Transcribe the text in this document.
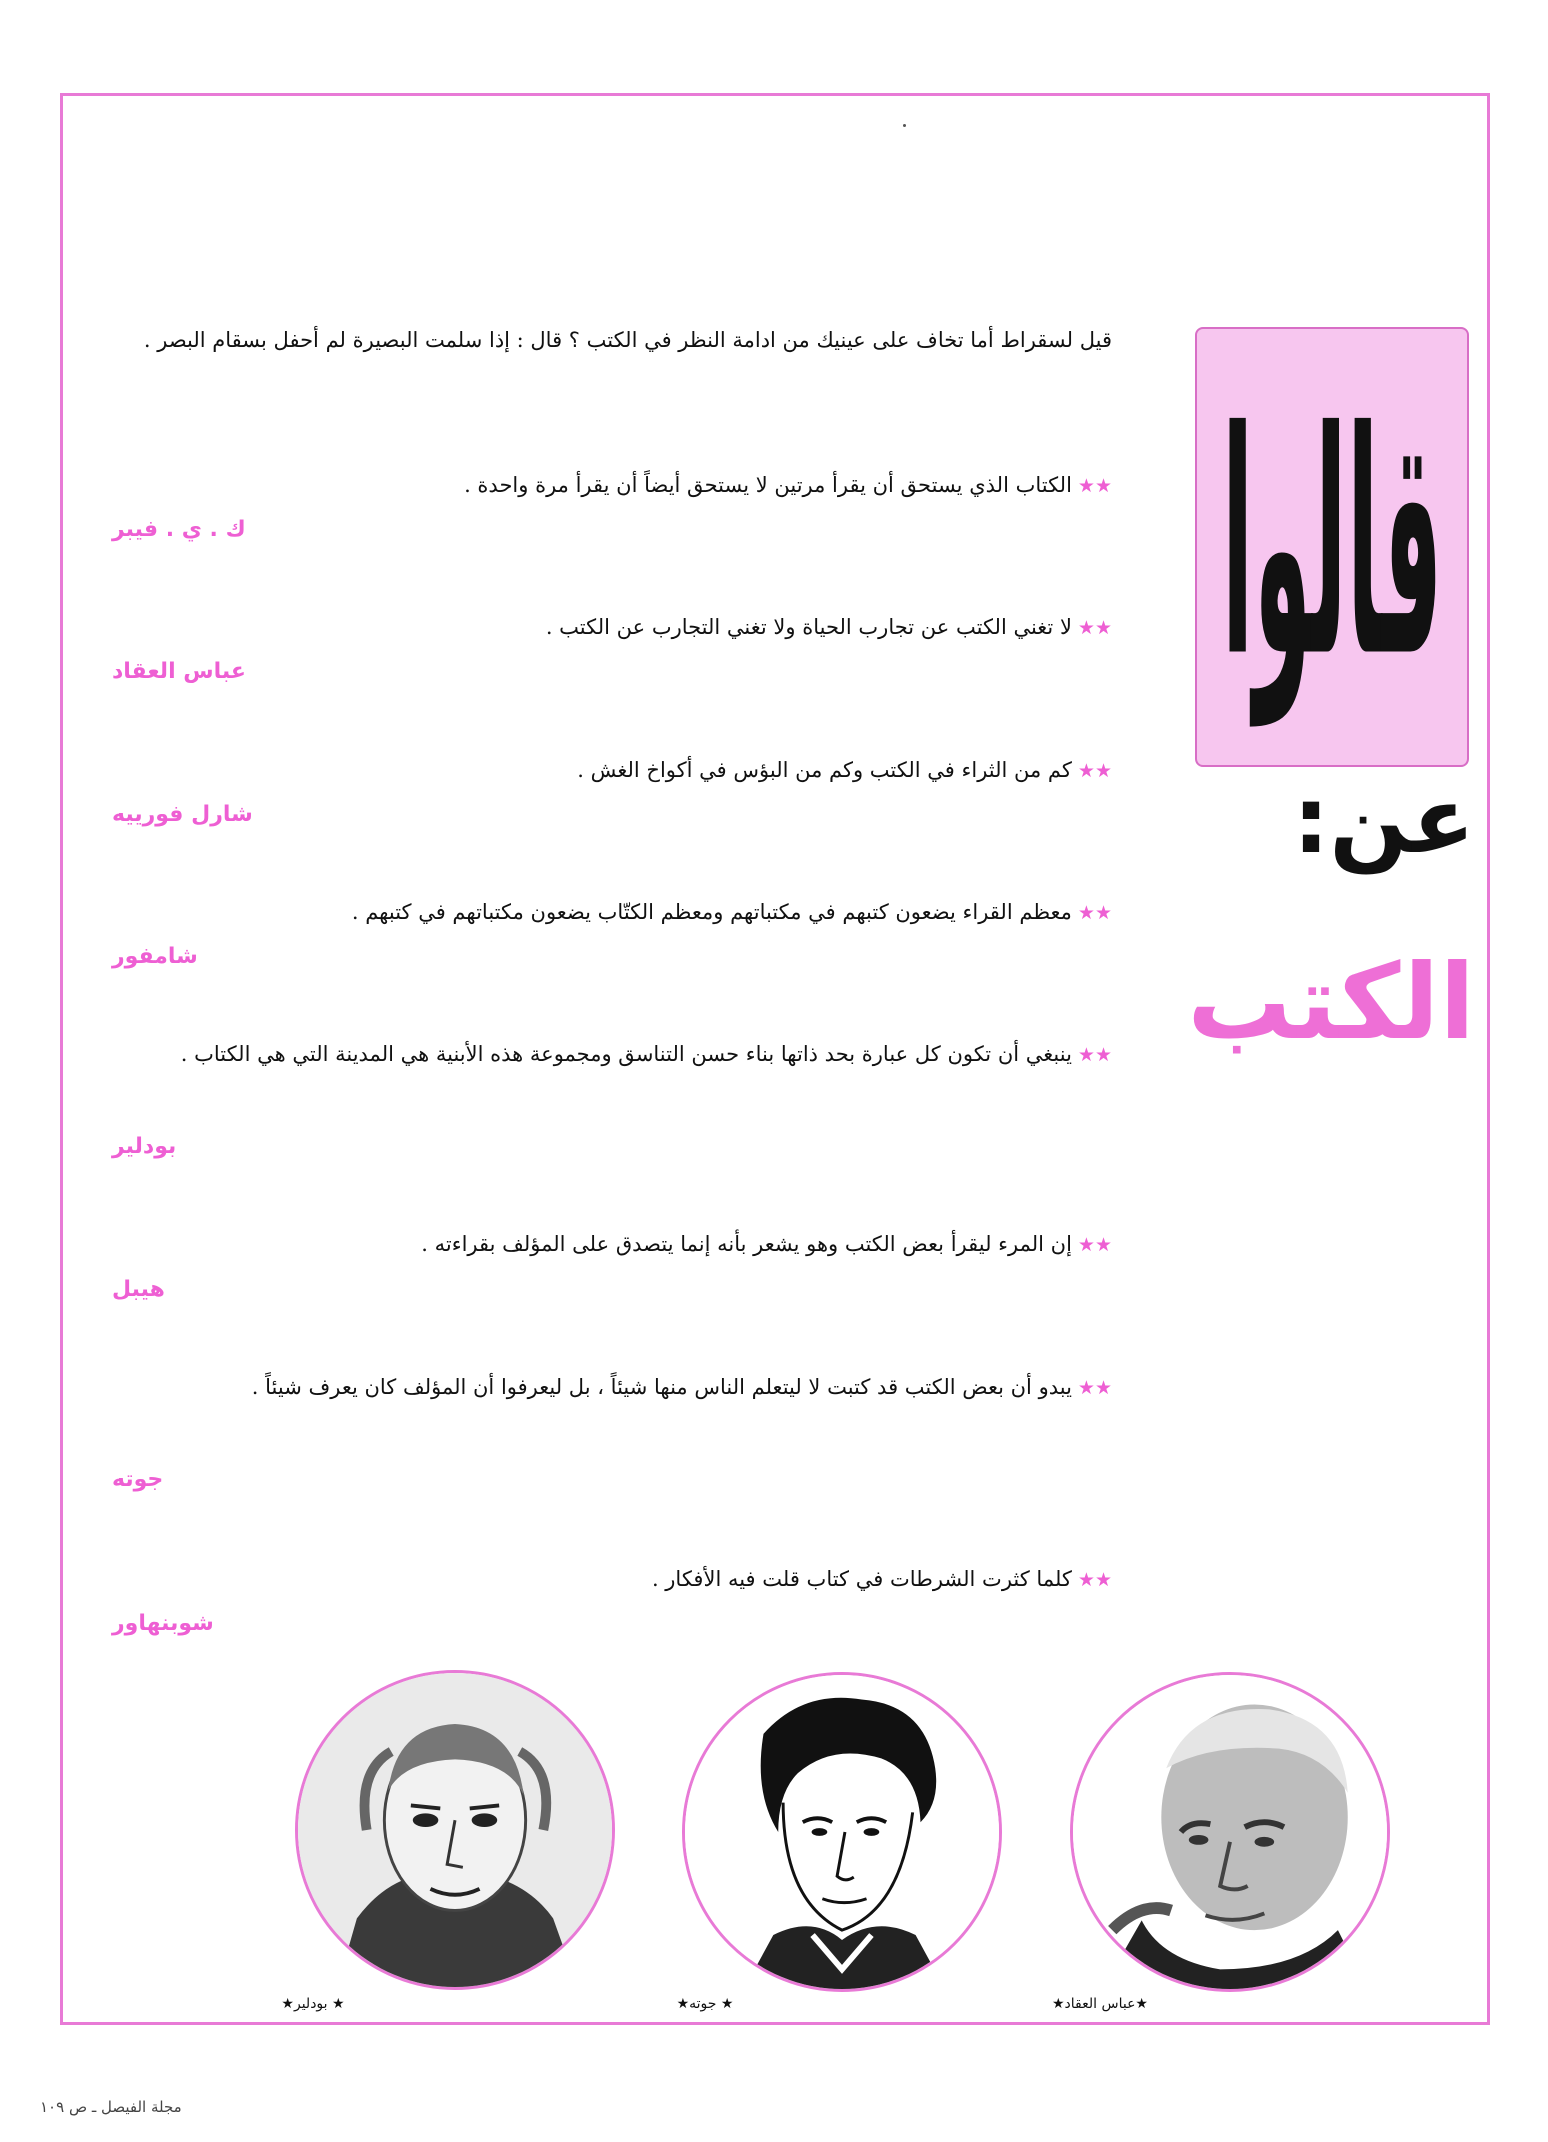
قالوا
عن:
الكتب
قيل لسقراط أما تخاف على عينيك من ادامة النظر في الكتب ؟ قال : إذا سلمت البصيرة لم أحفل بسقام البصر .
★★الكتاب الذي يستحق أن يقرأ مرتين لا يستحق أيضاً أن يقرأ مرة واحدة .
ك . ي . فيبر
★★لا تغني الكتب عن تجارب الحياة ولا تغني التجارب عن الكتب .
عباس العقاد
★★كم من الثراء في الكتب وكم من البؤس في أكواخ الغش .
شارل فورييه
★★معظم القراء يضعون كتبهم في مكتباتهم ومعظم الكتّاب يضعون مكتباتهم في كتبهم .
شامفور
★★ينبغي أن تكون كل عبارة بحد ذاتها بناء حسن التناسق ومجموعة هذه الأبنية هي المدينة التي هي الكتاب .
بودلير
★★إن المرء ليقرأ بعض الكتب وهو يشعر بأنه إنما يتصدق على المؤلف بقراءته .
هيبل
★★يبدو أن بعض الكتب قد كتبت لا ليتعلم الناس منها شيئاً ، بل ليعرفوا أن المؤلف كان يعرف شيئاً .
جوته
★★كلما كثرت الشرطات في كتاب قلت فيه الأفكار .
شوبنهاور
★ بودلير★	★ جوته★	★عباس العقاد★
مجلة الفيصل ـ ص ١٠٩
